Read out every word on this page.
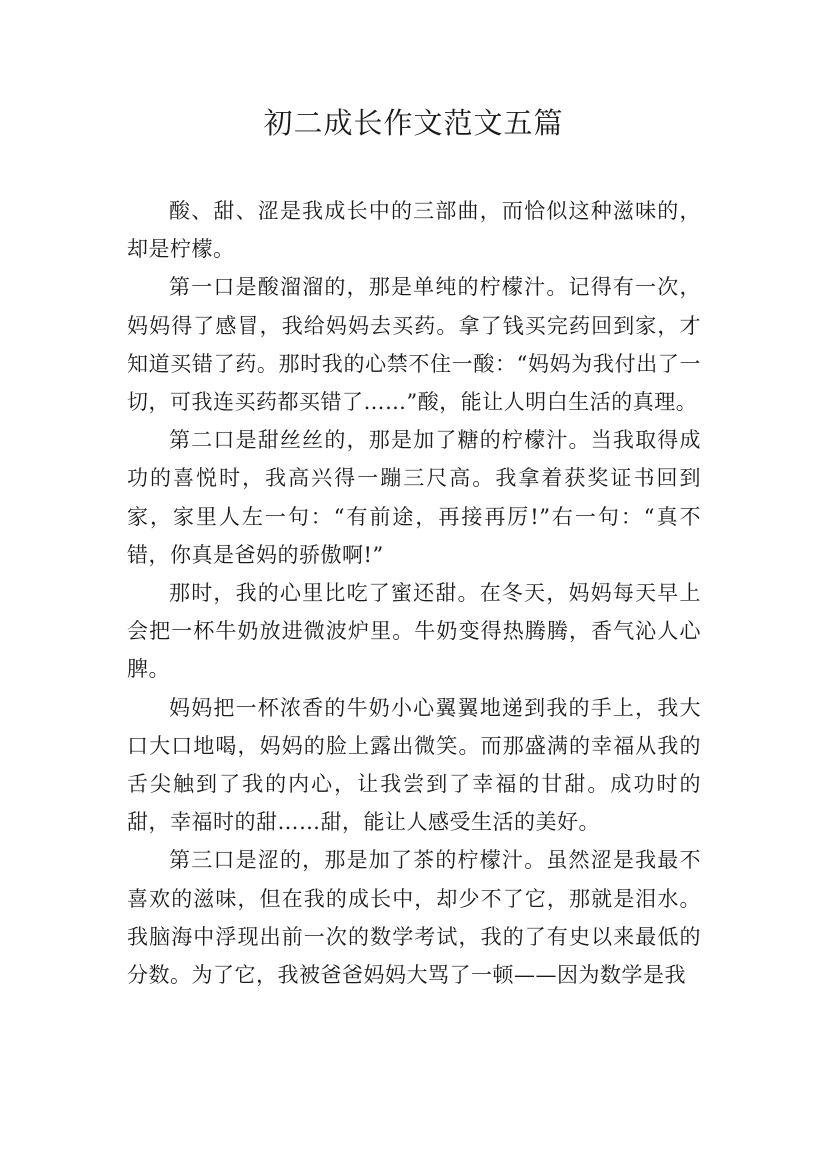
初二成长作文范文五篇

酸、甜、涩是我成长中的三部曲，而恰似这种滋味的，却是柠檬。

第一口是酸溜溜的，那是单纯的柠檬汁。记得有一次，妈妈得了感冒，我给妈妈去买药。拿了钱买完药回到家，才知道买错了药。那时我的心禁不住一酸：“妈妈为我付出了一切，可我连买药都买错了……”酸，能让人明白生活的真理。

第二口是甜丝丝的，那是加了糖的柠檬汁。当我取得成功的喜悦时，我高兴得一蹦三尺高。我拿着获奖证书回到家，家里人左一句：“有前途，再接再厉!”右一句：“真不错，你真是爸妈的骄傲啊!”

那时，我的心里比吃了蜜还甜。在冬天，妈妈每天早上会把一杯牛奶放进微波炉里。牛奶变得热腾腾，香气沁人心脾。

妈妈把一杯浓香的牛奶小心翼翼地递到我的手上，我大口大口地喝，妈妈的脸上露出微笑。而那盛满的幸福从我的舌尖触到了我的内心，让我尝到了幸福的甘甜。成功时的甜，幸福时的甜……甜，能让人感受生活的美好。

第三口是涩的，那是加了茶的柠檬汁。虽然涩是我最不喜欢的滋味，但在我的成长中，却少不了它，那就是泪水。我脑海中浮现出前一次的数学考试，我的了有史以来最低的分数。为了它，我被爸爸妈妈大骂了一顿——因为数学是我
